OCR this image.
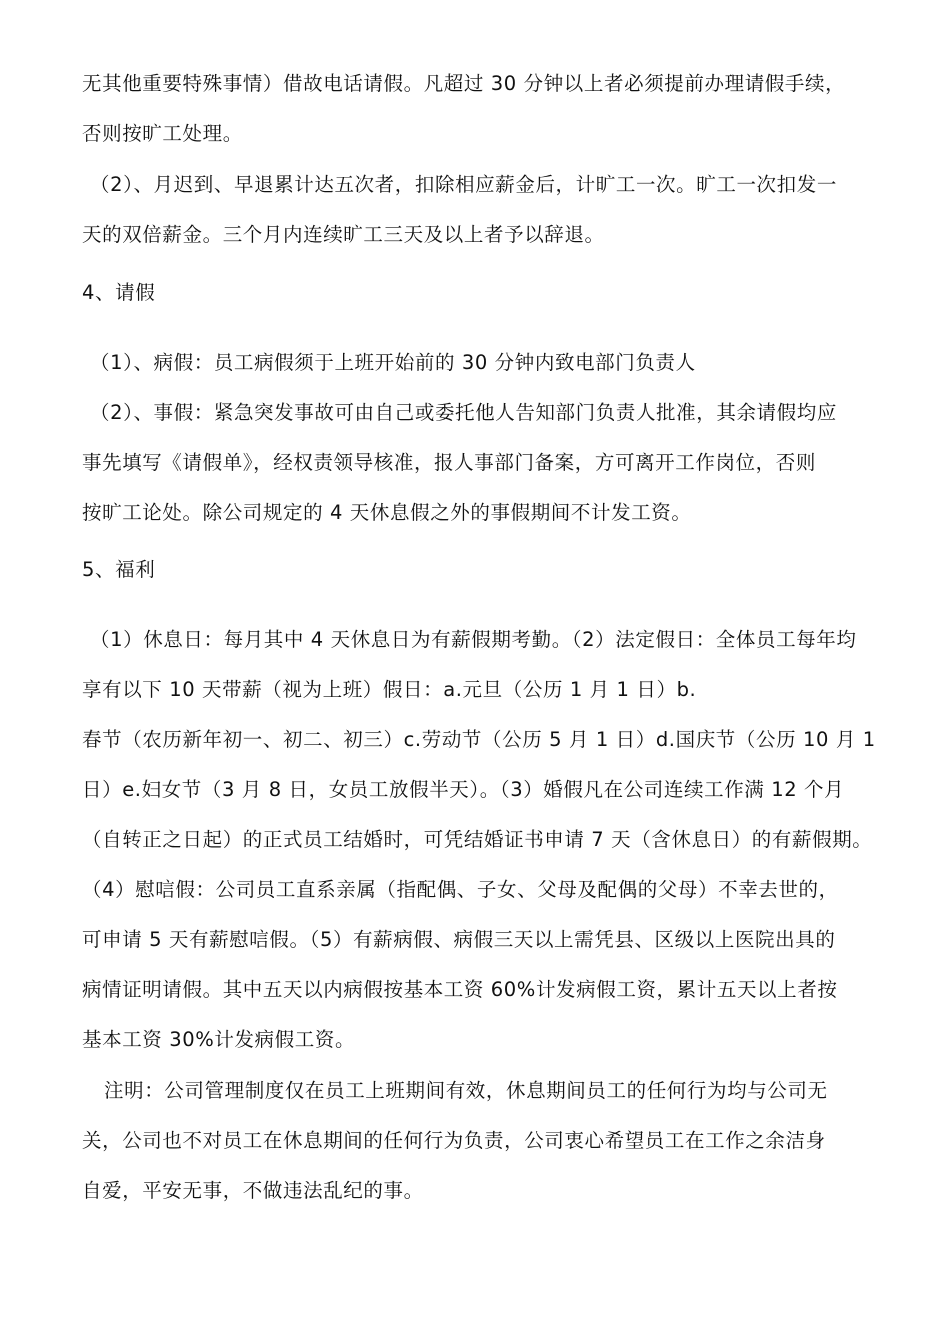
无其他重要特殊事情）借故电话请假。凡超过 30 分钟以上者必须提前办理请假手续，
否则按旷工处理。
（2）、月迟到、早退累计达五次者，扣除相应薪金后，计旷工一次。旷工一次扣发一
天的双倍薪金。三个月内连续旷工三天及以上者予以辞退。
4、请假
（1）、病假：员工病假须于上班开始前的 30 分钟内致电部门负责人
（2）、事假：紧急突发事故可由自己或委托他人告知部门负责人批准，其余请假均应
事先填写《请假单》，经权责领导核准，报人事部门备案，方可离开工作岗位，否则
按旷工论处。除公司规定的 4 天休息假之外的事假期间不计发工资。
5、福利
（1）休息日：每月其中 4 天休息日为有薪假期考勤。（2）法定假日：全体员工每年均
享有以下 10 天带薪（视为上班）假日：a.元旦（公历 1 月 1 日）b.
春节（农历新年初一、初二、初三）c.劳动节（公历 5 月 1 日）d.国庆节（公历 10 月 1
日）e.妇女节（3 月 8 日，女员工放假半天）。（3）婚假凡在公司连续工作满 12 个月
（自转正之日起）的正式员工结婚时，可凭结婚证书申请 7 天（含休息日）的有薪假期。
（4）慰唁假：公司员工直系亲属（指配偶、子女、父母及配偶的父母）不幸去世的，
可申请 5 天有薪慰唁假。（5）有薪病假、病假三天以上需凭县、区级以上医院出具的
病情证明请假。其中五天以内病假按基本工资 60%计发病假工资，累计五天以上者按
基本工资 30%计发病假工资。
注明：公司管理制度仅在员工上班期间有效，休息期间员工的任何行为均与公司无
关，公司也不对员工在休息期间的任何行为负责，公司衷心希望员工在工作之余洁身
自爱，平安无事，不做违法乱纪的事。
